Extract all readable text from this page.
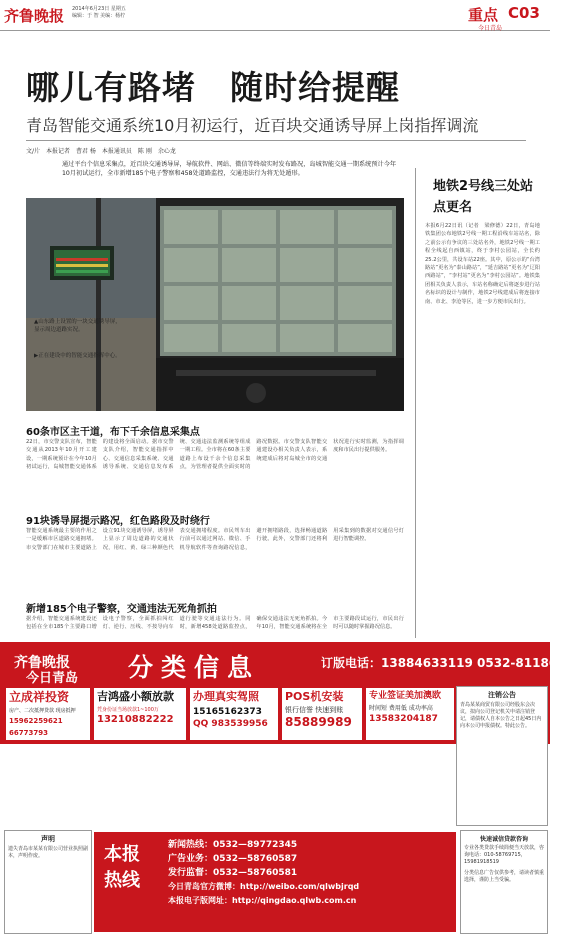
齐鲁晚报 2014年6月23日 星期五
编辑：于 智 美编：杨柠	重点 C03
今日青岛
哪儿有路堵　随时给提醒
青岛智能交通系统10月初运行，近百块交通诱导屏上岗指挥调流
文/片　本报记者　曹君 杨　本报通讯员　陈 刚　余心龙
通过平台个信息采集点，近百块交通诱导屏，导航软件、网站、微信等终端实时发布路况，岛城智能交通一期系统预计今年10月初试运行，全市新增185个电子警察和458处道路监控，交通违法行为将无处遁形。
▲山东路上设置的一块交通诱导屏，显示周边道路实况。
▶正在建设中的智能交通指挥中心。
60条市区主干道，布下千余信息采集点
22日，市交警支队宣布，智能交通从2013年10月开工建设，一期系统预计在今年10月初试运行，岛城智能交通体系的建设将全面启动。据市交警支队介绍，智能交通指挥中心、交通信息采集系统、交通诱导系统、交通信息发布系统、交通违法监测系统等组成一期工程。全市将在60条主要道路上布设千余个信息采集点，为管理者提供全面实时的路况数据。市交警支队智能交通建设办相关负责人表示，系统建成后将对岛城全市的交通状况进行实时监测，为指挥调度和市民出行提供服务。
91块诱导屏提示路况，红色路段及时绕行
智能交通系统最主要的作用之一是缓解市区道路交通拥堵。市交警部门在城市主要道路上设立91块交通诱导屏，诱导屏上显示了周边道路的交通状况，用红、黄、绿三种颜色代表交通拥堵程度。市民驾车出行前可以通过网站、微信、手机导航软件等查询路况信息，避开拥堵路段，选择畅通道路行驶。此外，交警部门还将利用采集到的数据对交通信号灯进行智能调控。
新增185个电子警察，交通违法无死角抓拍
据介绍，智能交通系统建设还包括在全市185个主要路口增设电子警察，全面抓拍闯红灯、逆行、压线、不按导向车道行驶等交通违法行为。同时，新增458处道路监控点，确保交通违法无死角抓拍。今年10月，智能交通系统将在全市主要路段试运行，市民出行时可以随时掌握路况信息。
地铁2号线三处站点更名
本报6月22日讯（记者　梁修德）22日，青岛地铁集团公布地铁2号线一期工程沿线车站站名，除之前公示有争议的三处站名外，地铁2号线一期工程全线起自西镇站，终于李村公园站，全长约25.2公里，共设车站22座。其中，原公示的“台湾路站”更名为“泰山路站”，“延吉路站”更名为“辽阳西路站”，“李村站”更名为“李村公园站”。地铁集团相关负责人表示，车站名称确定后将逐步进行站名标识的设计与制作，地铁2号线建成后将连接市南、市北、李沧等区，进一步方便市民出行。
齐鲁晚报
今日青岛 分类信息	订版电话：13884633119 0532-81186679
立成祥投资
房产、二次抵押贷款 现房抵押
15962259621 66773793
吉鸿盛小额放款
凭身份证当场放款1~100万
13210882222
办理真实驾照
15165162373
QQ 983539956
POS机安装
银行信誉 快速到账
85889989
专业签证美加澳欧
时间短 费用低 成功率高
13583204187
注销公告
青岛某某商贸有限公司经股东会决议，拟向公司登记机关申请注销登记，请债权人自本公告之日起45日内向本公司申报债权。特此公告。
声明
遗失青岛市某某有限公司营业执照副本，声明作废。	本报热线
新闻热线：0532—89772345
广告业务：0532—58760587
发行监督：0532—58760581
今日青岛官方微博：http://weibo.com/qlwbjrqd
本报电子版网址：http://qingdao.qlwb.com.cn
快速诚信贷款咨询
专业各类贷款手续简便当天放款，咨询电话：010-58769715，15981918519
分类信息广告仅供参考，请读者慎重选择，谨防上当受骗。
